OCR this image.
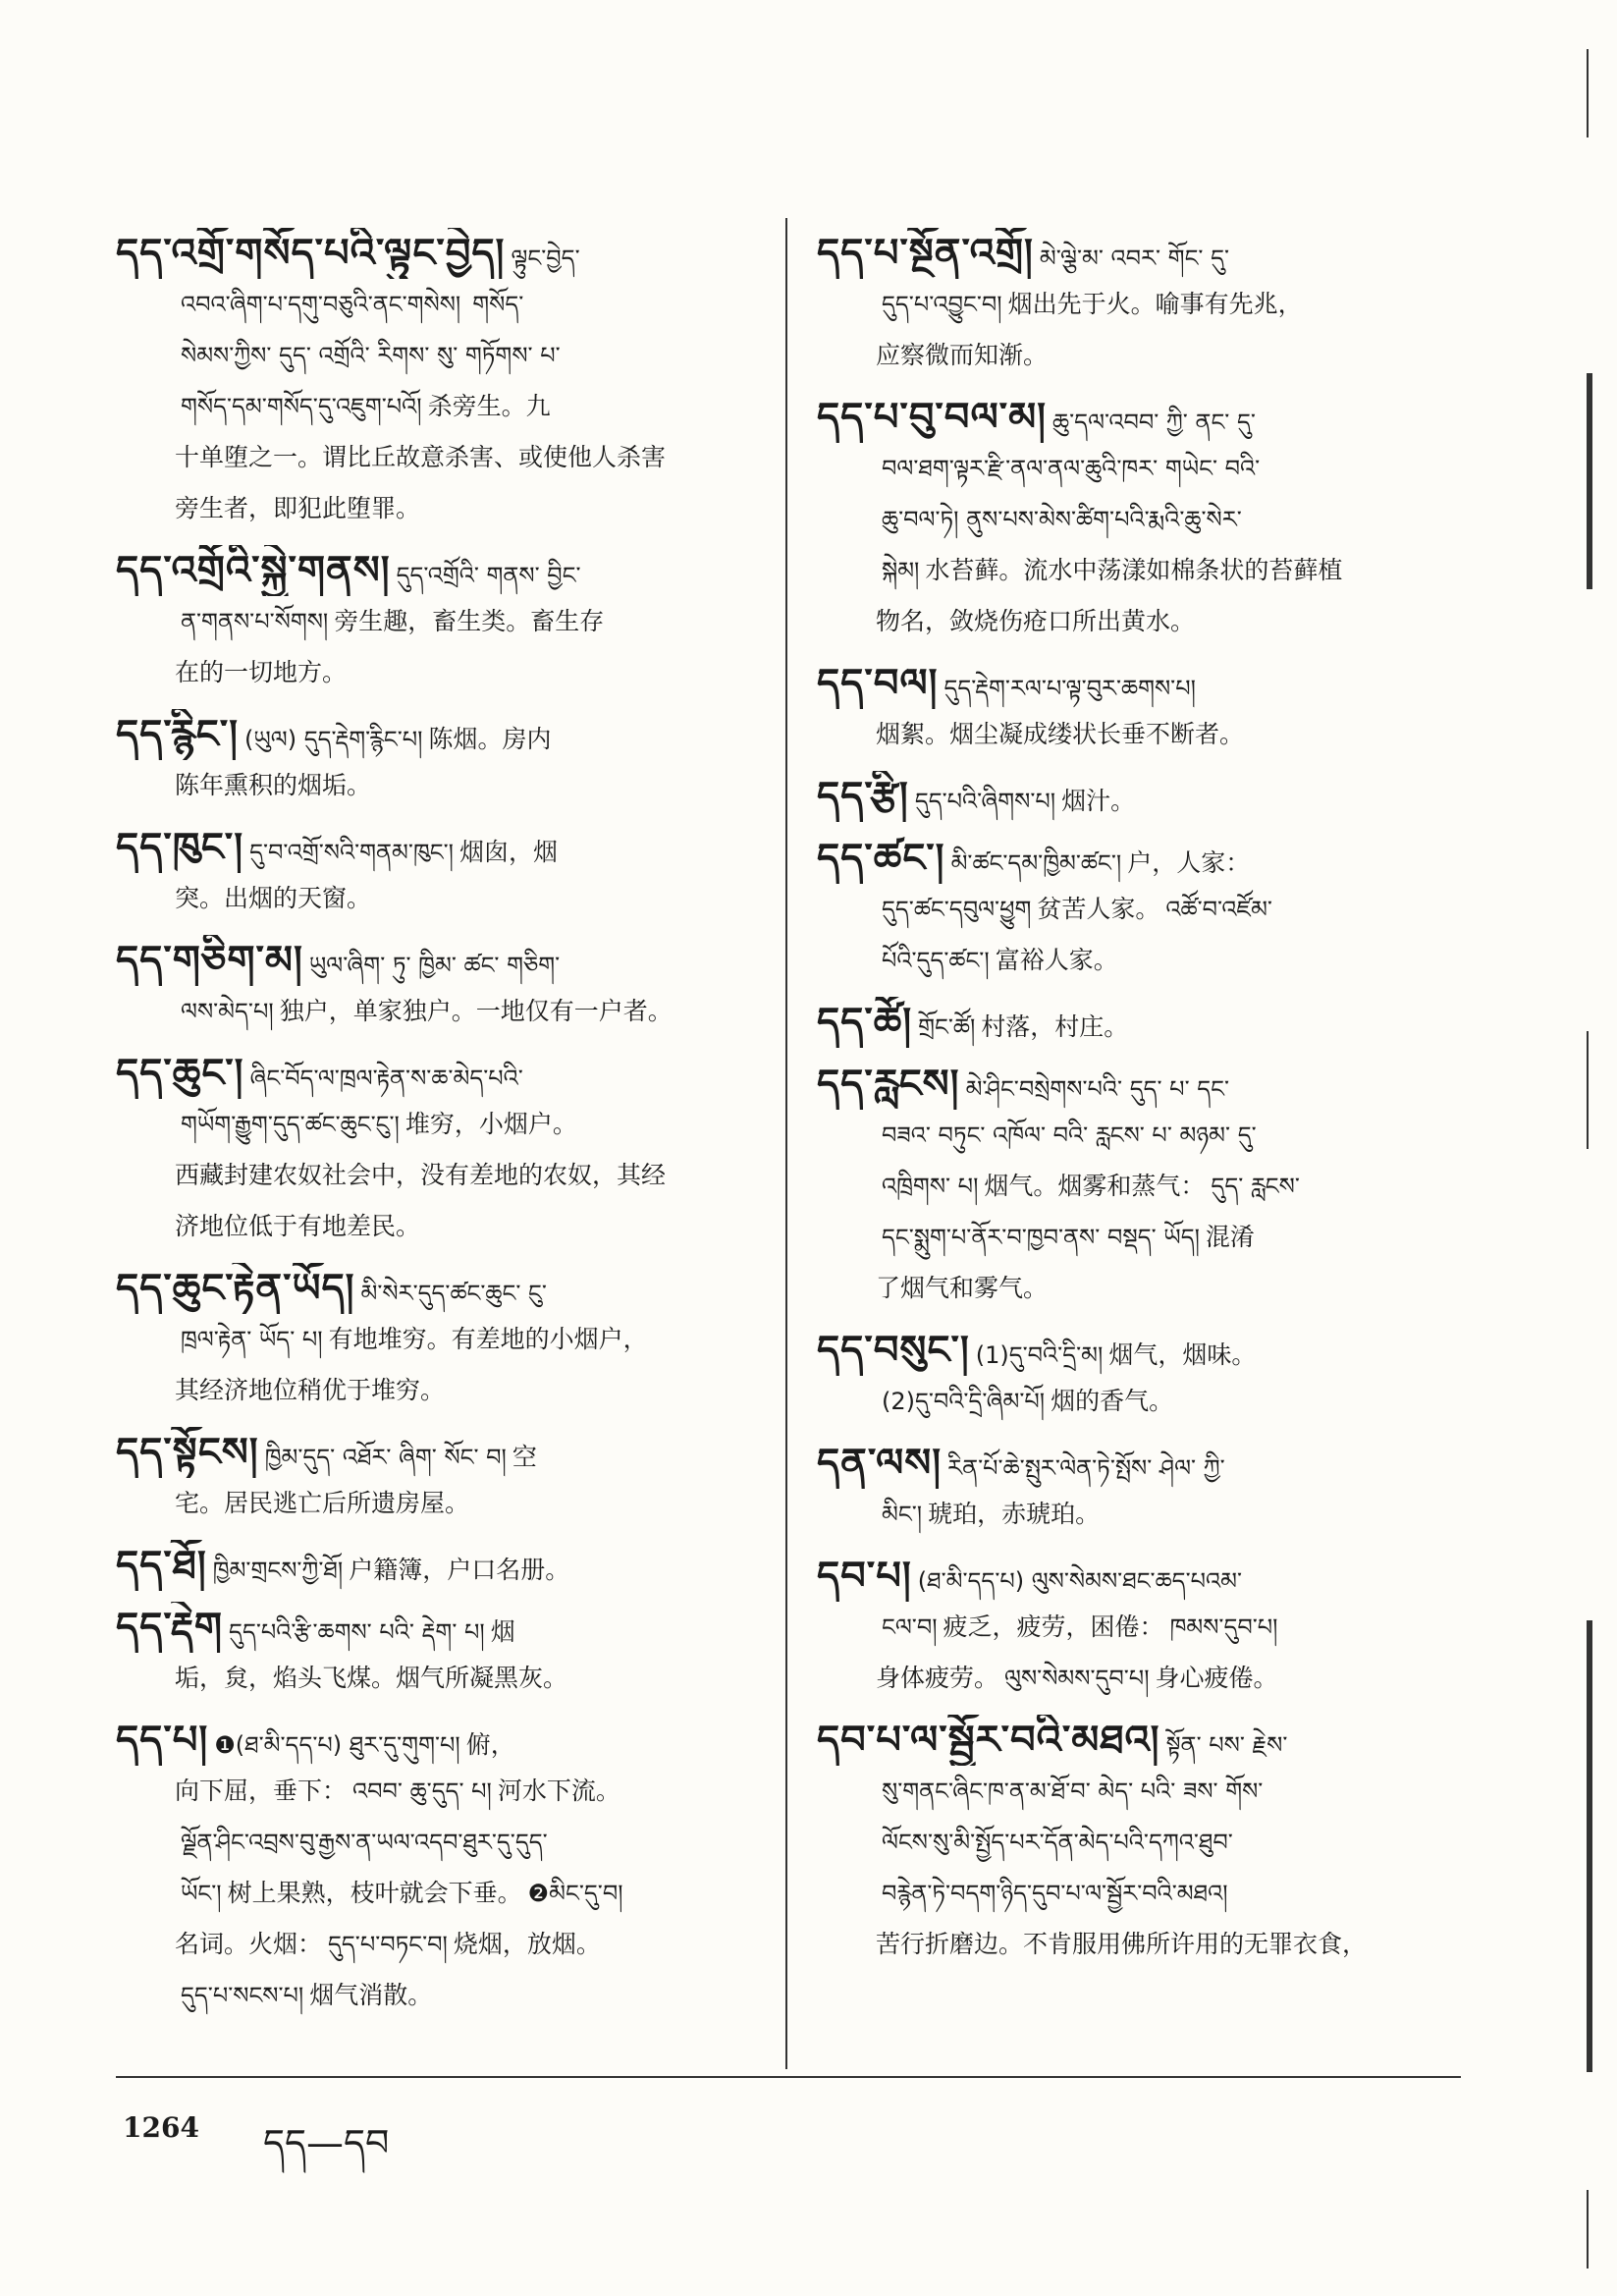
དད་འགྲོ་གསོད་པའི་ལྟུང་བྱེད། ལྟུང་བྱེད་
འབའ་ཞིག་པ་དགུ་བཅུའི་ནང་གསེས། གསོད་
སེམས་ཀྱིས་ དུད་ འགྲོའི་ རིགས་ སུ་ གཏོགས་ པ་
གསོད་དམ་གསོད་དུ་འཇུག་པའོ། 杀旁生。九
十单堕之一。谓比丘故意杀害、或使他人杀害
旁生者，即犯此堕罪。
དད་འགྲོའི་སྐྱེ་གནས། དུད་འགྲོའི་ གནས་ བྱིང་
ན་གནས་པ་སོགས། 旁生趣，畜生类。畜生存
在的一切地方。
དད་རྙིང་། (ཡུལ) དུད་རྡེག་རྙིང་པ། 陈烟。房内
陈年熏积的烟垢。
དད་ཁུང་། དུ་བ་འགྲོ་སའི་གནམ་ཁུང་། 烟囱，烟
突。出烟的天窗。
དད་གཅིག་མ། ཡུལ་ཞིག་ ཏུ་ ཁྱིམ་ ཚང་ གཅིག་
ལས་མེད་པ། 独户，单家独户。一地仅有一户者。
དད་ཆུང་། ཞིང་བོད་ལ་ཁྲལ་རྟེན་ས་ཆ་མེད་པའི་
གཡོག་རྒྱུག་དུད་ཚང་ཆུང་ངུ་། 堆穷，小烟户。
西藏封建农奴社会中，没有差地的农奴，其经
济地位低于有地差民。
དད་ཆུང་རྟེན་ཡོད། མི་སེར་དུད་ཚང་ཆུང་ ངུ་
ཁྲལ་རྟེན་ ཡོད་ པ། 有地堆穷。有差地的小烟户，
其经济地位稍优于堆穷。
དད་སྟོངས། ཁྱིམ་དུད་ འཐོར་ ཞིག་ སོང་ བ། 空
宅。居民逃亡后所遗房屋。
དད་ཐོ། ཁྱིམ་གྲངས་ཀྱི་ཐོ། 户籍簿，户口名册。
དད་རྡེག དུད་པའི་རྩི་ཆགས་ པའི་ རྡེག་ པ། 烟
垢，炱，焰头飞煤。烟气所凝黑灰。
དད་པ། ❶(ཐ་མི་དད་པ) ཐུར་དུ་གུག་པ། 俯，
向下屈，垂下： འབབ་ ཆུ་དུད་ པ། 河水下流。
ལྗོན་ཤིང་འབྲས་བུ་རྒྱས་ན་ཡལ་འདབ་ཐུར་དུ་དུད་
ཡོང་། 树上果熟，枝叶就会下垂。 ❷མིང་དུ་བ།
名词。火烟： དུད་པ་བཏང་བ། 烧烟，放烟。
དུད་པ་སངས་པ། 烟气消散。
དད་པ་སྔོན་འགྲོ། མེ་ལྕེ་མ་ འབར་ གོང་ དུ་
དུད་པ་འབྱུང་བ། 烟出先于火。喻事有先兆，
应察微而知渐。
དད་པ་བུ་བལ་མ། ཆུ་དལ་འབབ་ ཀྱི་ ནང་ དུ་
བལ་ཐག་ལྟར་རྫི་ནལ་ནལ་ཆུའི་ཁར་ གཡེང་ བའི་
ཆུ་བལ་ཏེ། ནུས་པས་མེས་ཚིག་པའི་རྨའི་ཆུ་སེར་
སྐེམ། 水苔藓。流水中荡漾如棉条状的苔藓植
物名，敛烧伤疮口所出黄水。
དད་བལ། དུད་རྡེག་རལ་པ་ལྟ་བུར་ཆགས་པ།
烟絮。烟尘凝成缕状长垂不断者。
དད་རྩི། དུད་པའི་ཞིགས་པ། 烟汁。
དད་ཚང་། མི་ཚང་དམ་ཁྱིམ་ཚང་། 户，人家：
དུད་ཚང་དབུལ་ཕྱུག 贫苦人家。 འཚོ་བ་འཛོམ་
པོའི་དུད་ཚང་། 富裕人家。
དད་ཚོ། གྲོང་ཚོ། 村落，村庄。
དད་རླངས། མེ་ཤིང་བསྲེགས་པའི་ དུད་ པ་ དང་
བཟའ་ བཏུང་ འཁོལ་ བའི་ རླངས་ པ་ མཉམ་ དུ་
འཁྲིགས་ པ། 烟气。烟雾和蒸气： དུད་ རླངས་
དང་སྨུག་པ་ནོར་བ་ཁྱབ་ནས་ བསྡད་ ཡོད། 混淆
了烟气和雾气。
དད་བསུང་། (1)དུ་བའི་དྲི་མ། 烟气，烟味。
(2)དུ་བའི་དྲི་ཞིམ་པོ། 烟的香气。
དན་ལས། རིན་པོ་ཆེ་སྤུར་ལེན་ཏེ་སྤོས་ ཤེལ་ ཀྱི་
མིང་། 琥珀，赤琥珀。
དབ་པ། (ཐ་མི་དད་པ) ལུས་སེམས་ཐང་ཆད་པའམ་
ངལ་བ། 疲乏，疲劳，困倦： ཁམས་དུབ་པ།
身体疲劳。 ལུས་སེམས་དུབ་པ། 身心疲倦。
དབ་པ་ལ་སྦྱོར་བའི་མཐའ། སྟོན་ པས་ རྗེས་
སུ་གནང་ཞིང་ཁ་ན་མ་ཐོ་བ་ མེད་ པའི་ ཟས་ གོས་
ལོངས་སུ་མི་སྤྱོད་པར་དོན་མེད་པའི་དཀའ་ཐུབ་
བརྙེན་ཏེ་བདག་ཉིད་དུབ་པ་ལ་སྦྱོར་བའི་མཐའ།
苦行折磨边。不肯服用佛所许用的无罪衣食，
1264 དད—དབ
